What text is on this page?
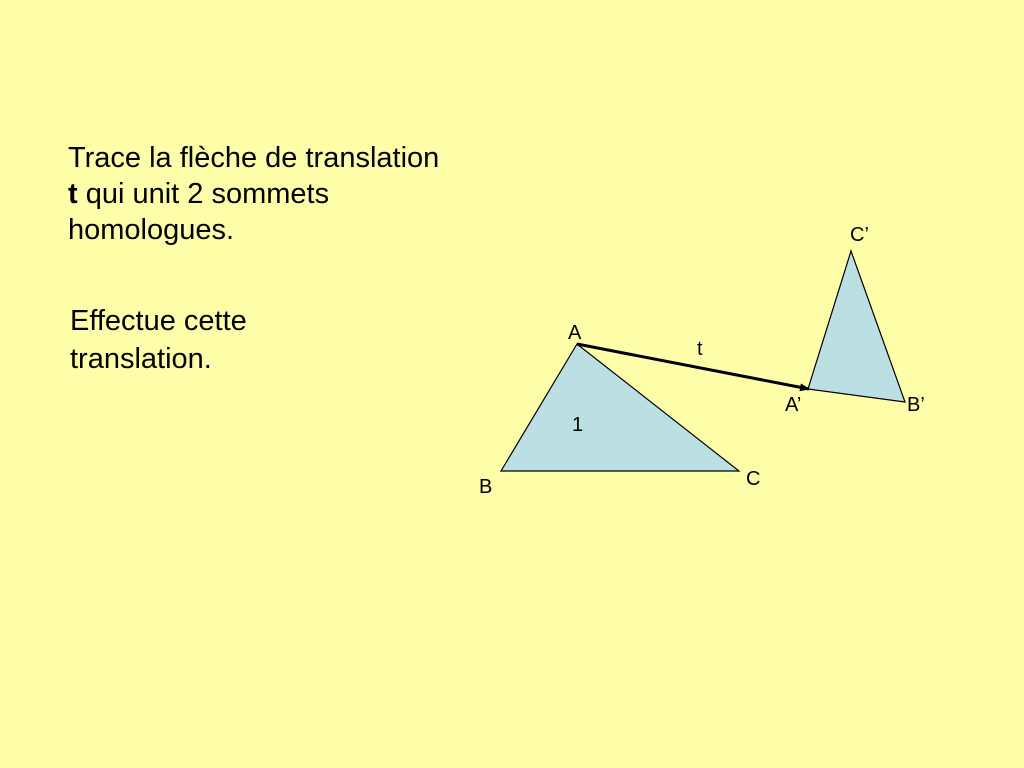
Trace la flèche de translation t qui unit 2 sommets homologues.

Effectue cette translation.

A
B	C
1
t
A’	B’
C’
